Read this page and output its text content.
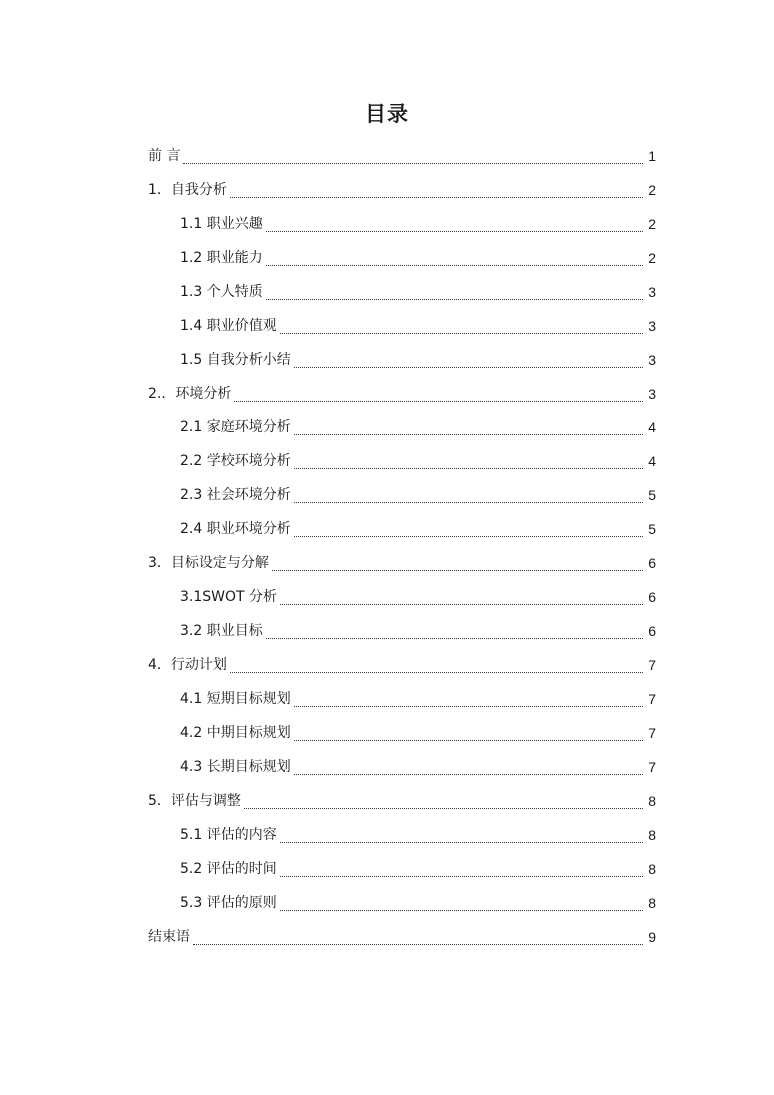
目录
前 言	1
1．自我分析	2
1.1 职业兴趣	2
1.2 职业能力	2
1.3 个人特质	3
1.4 职业价值观	3
1.5 自我分析小结	3
2.．环境分析	3
2.1 家庭环境分析	4
2.2 学校环境分析	4
2.3 社会环境分析	5
2.4 职业环境分析	5
3．目标设定与分解	6
3.1SWOT 分析	6
3.2 职业目标	6
4．行动计划	7
4.1 短期目标规划	7
4.2 中期目标规划	7
4.3 长期目标规划	7
5．评估与调整	8
5.1 评估的内容	8
5.2 评估的时间	8
5.3 评估的原则	8
结束语	9
